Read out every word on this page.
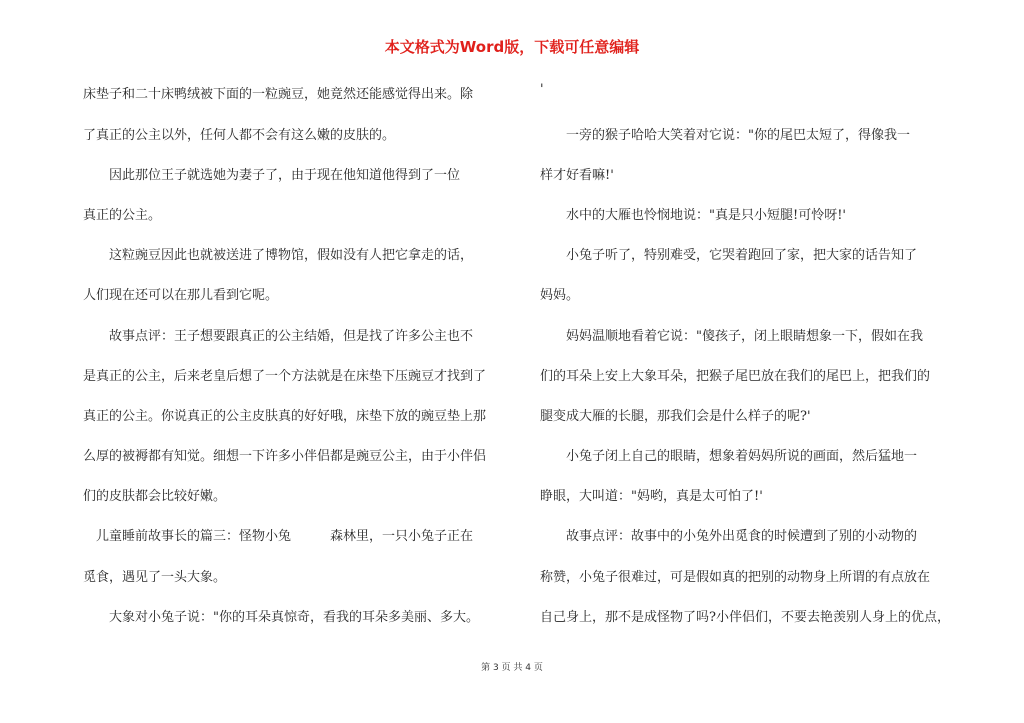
本文格式为Word版，下载可任意编辑
床垫子和二十床鸭绒被下面的一粒豌豆，她竟然还能感觉得出来。除
了真正的公主以外，任何人都不会有这么嫩的皮肤的。
　　因此那位王子就选她为妻子了，由于现在他知道他得到了一位
真正的公主。
　　这粒豌豆因此也就被送进了博物馆，假如没有人把它拿走的话，
人们现在还可以在那儿看到它呢。
　　故事点评：王子想要跟真正的公主结婚，但是找了许多公主也不
是真正的公主，后来老皇后想了一个方法就是在床垫下压豌豆才找到了
真正的公主。你说真正的公主皮肤真的好好哦，床垫下放的豌豆垫上那
么厚的被褥都有知觉。细想一下许多小伴侣都是豌豆公主，由于小伴侣
们的皮肤都会比较好嫩。
　儿童睡前故事长的篇三：怪物小兔　　　森林里，一只小兔子正在
觅食，遇见了一头大象。
　　大象对小兔子说："你的耳朵真惊奇，看我的耳朵多美丽、多大。
'
　　一旁的猴子哈哈大笑着对它说："你的尾巴太短了，得像我一
样才好看嘛!'
　　水中的大雁也怜悯地说："真是只小短腿!可怜呀!'
　　小兔子听了，特别难受，它哭着跑回了家，把大家的话告知了
妈妈。
　　妈妈温顺地看着它说："傻孩子，闭上眼睛想象一下，假如在我
们的耳朵上安上大象耳朵，把猴子尾巴放在我们的尾巴上，把我们的
腿变成大雁的长腿，那我们会是什么样子的呢?'
　　小兔子闭上自己的眼睛，想象着妈妈所说的画面，然后猛地一
睁眼，大叫道："妈哟，真是太可怕了!'
　　故事点评：故事中的小兔外出觅食的时候遭到了别的小动物的
称赞，小兔子很难过，可是假如真的把别的动物身上所谓的有点放在
自己身上，那不是成怪物了吗?小伴侣们，不要去艳羡别人身上的优点，
第 3 页 共 4 页
